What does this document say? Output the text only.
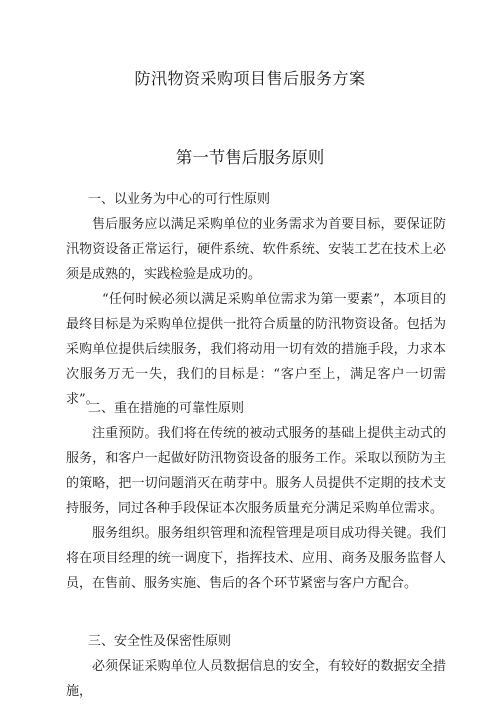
防汛物资采购项目售后服务方案
第一节售后服务原则
一、以业务为中心的可行性原则

售后服务应以满足采购单位的业务需求为首要目标，要保证防汛物资设备正常运行，硬件系统、软件系统、安装工艺在技术上必须是成熟的，实践检验是成功的。

“任何时候必须以满足采购单位需求为第一要素”，本项目的最终目标是为采购单位提供一批符合质量的防汛物资设备。包括为采购单位提供后续服务，我们将动用一切有效的措施手段，力求本次服务万无一失，我们的目标是：“客户至上，满足客户一切需求”。

二、重在措施的可靠性原则

注重预防。我们将在传统的被动式服务的基础上提供主动式的服务，和客户一起做好防汛物资设备的服务工作。采取以预防为主的策略，把一切问题消灭在萌芽中。服务人员提供不定期的技术支持服务，同过各种手段保证本次服务质量充分满足采购单位需求。

服务组织。服务组织管理和流程管理是项目成功得关键。我们将在项目经理的统一调度下，指挥技术、应用、商务及服务监督人员，在售前、服务实施、售后的各个环节紧密与客户方配合。

三、安全性及保密性原则

必须保证采购单位人员数据信息的安全，有较好的数据安全措施，
